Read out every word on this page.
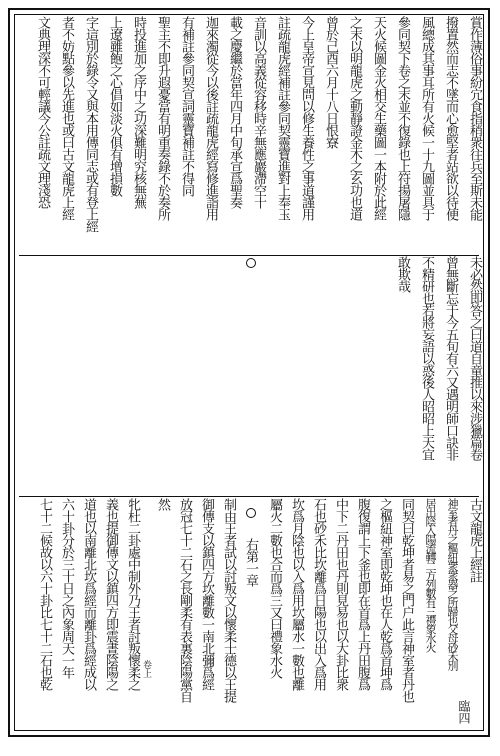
賞作薄俗事紛宂食指稍衆往兵至斯未能
撥置然而志不墜而心愈堅者站欲以待便
風總成其事耳所有火候一十九圖並具于
參同契下卷之末並不復錄也上符揚屠隱
天火候圖金火相交生藥圖一本附於此經
之末以明龍虎之動靜證金木之玄功也道
曾於己酉六月十八日恨寮
今上皇帝宣見問以修生養性之事道謹用
註疏龍虎經補註參同契靈寶進對上奉玉
音訓以高義從容移時辛無應巖滯空十
載之慶繼於當年四月中旬承宣爲聖奏
迦來濁從今以後註疏龍虎經寫修進詣用
有補註參同契宣詞靈寶補註不得同
聖主不即升遐憂當有明重奏錄不於奏所
時投進加之序中之功深難明究核無蕪
上遼雖飽之心倡如淡火俱有增損數
字這別於錄令又與本用傳同志或有登上經
者不妨點參以先進也或曰古文龍虎上經
文典理深不可輕議今公註疏文理淺恐
未必然即答之曰道自童推以來涉獵篇卷
曾無斷忘于今五旬有六又遇明師口訣非
不精研也若將妄語以惑後人昭昭上天宜
敢欺哉
古文龍虎上經註
神室者丹之樞紐衆衆器之所歸也父母砂禾別
居出陰入陽流轉二方列數有三禮象水火
同契曰乾坤者易之門户此言神室者丹也
之樞紐神室即乾坤也在人乾爲首坤爲
腹復謂上下釜也即在首爲上丹田腹爲
中下二丹田也丹則見易也以大卦比衆
石也砂禾比坎離爲日陽也以出入爲用
坎爲月陰也以入爲用坎屬水一數也離
屬火二數也合而爲三又曰禮象水火
右第一章
制由王者試以討叛文以懷柔士德以王提
御傳支以鎮四方坎離數一南北彌爲經
放冠七十二石之長剛柔有表裏陰陽黨自
然
牝杜二卦處中制外乃王者討叛懷柔之
義也提御傳文以鎮四方即震晝陰陽之
道也以南離北坎爲經而離卦爲經成以
六十卦分於三十日之內象周天一年
七十二候故以六十卦比七十二石也乾
臨四
卷上
